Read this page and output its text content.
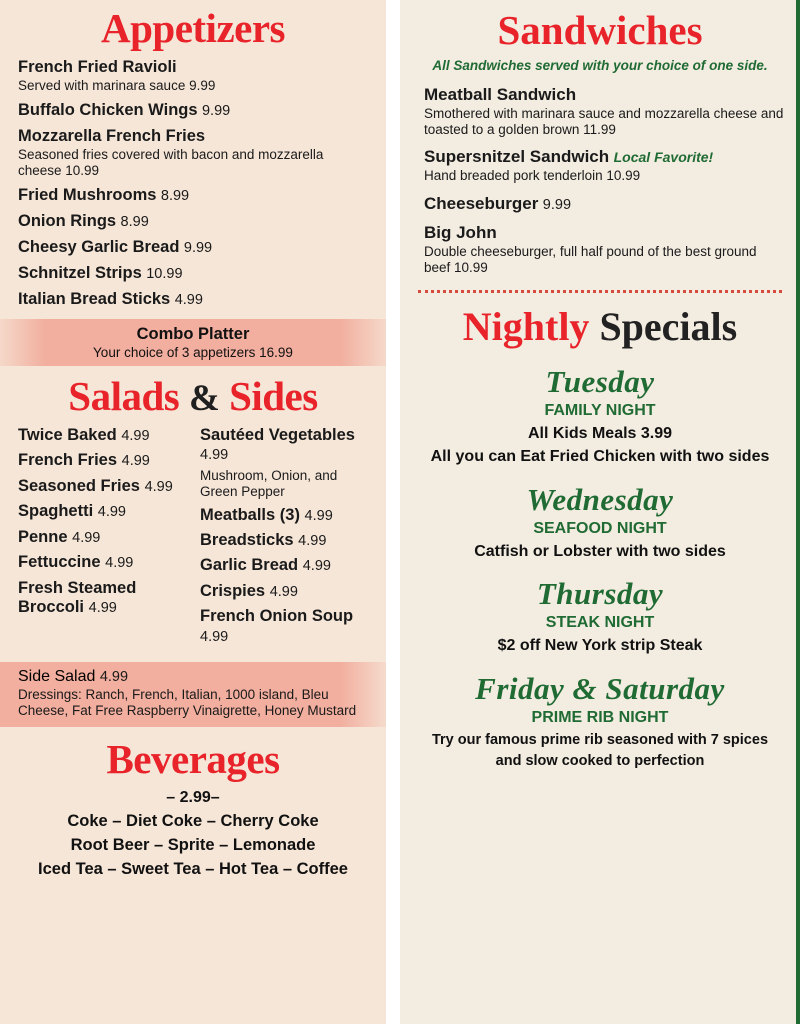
Appetizers
French Fried Ravioli
Served with marinara sauce 9.99
Buffalo Chicken Wings 9.99
Mozzarella French Fries
Seasoned fries covered with bacon and mozzarella cheese 10.99
Fried Mushrooms 8.99
Onion Rings 8.99
Cheesy Garlic Bread 9.99
Schnitzel Strips 10.99
Italian Bread Sticks 4.99
Combo Platter
Your choice of 3 appetizers 16.99
Salads & Sides
Twice Baked 4.99
French Fries 4.99
Seasoned Fries 4.99
Spaghetti 4.99
Penne 4.99
Fettuccine 4.99
Fresh Steamed Broccoli 4.99
Sautéed Vegetables 4.99
Mushroom, Onion, and Green Pepper
Meatballs (3) 4.99
Breadsticks 4.99
Garlic Bread 4.99
Crispies 4.99
French Onion Soup 4.99
Side Salad 4.99
Dressings: Ranch, French, Italian, 1000 island, Bleu Cheese, Fat Free Raspberry Vinaigrette, Honey Mustard
Beverages
– 2.99–
Coke – Diet Coke – Cherry Coke
Root Beer – Sprite – Lemonade
Iced Tea – Sweet Tea – Hot Tea – Coffee
Sandwiches
All Sandwiches served with your choice of one side.
Meatball Sandwich
Smothered with marinara sauce and mozzarella cheese and toasted to a golden brown 11.99
Supersnitzel Sandwich Local Favorite!
Hand breaded pork tenderloin 10.99
Cheeseburger 9.99
Big John
Double cheeseburger, full half pound of the best ground beef 10.99
Nightly Specials
Tuesday
FAMILY NIGHT
All Kids Meals 3.99
All you can Eat Fried Chicken with two sides
Wednesday
SEAFOOD NIGHT
Catfish or Lobster with two sides
Thursday
STEAK NIGHT
$2 off New York strip Steak
Friday & Saturday
PRIME RIB NIGHT
Try our famous prime rib seasoned with 7 spices
and slow cooked to perfection
